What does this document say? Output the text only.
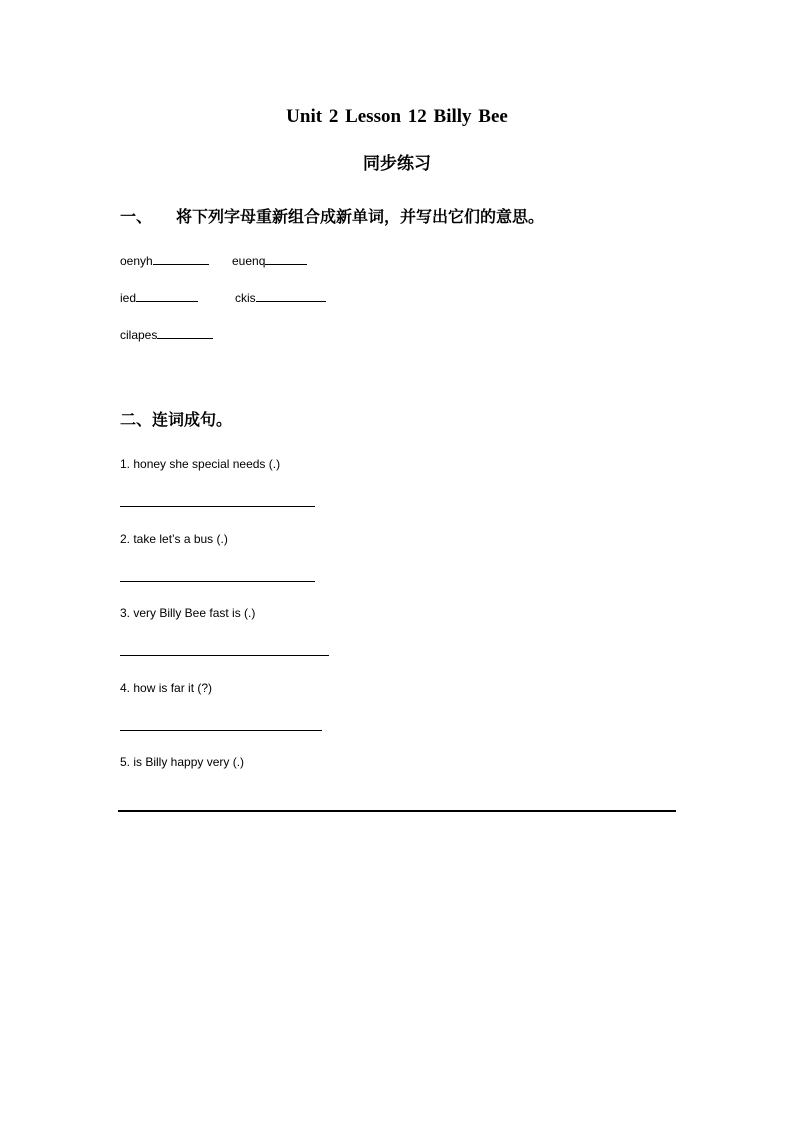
Unit 2 Lesson 12 Billy Bee
同步练习
一、 将下列字母重新组合成新单词，并写出它们的意思。
oenyh	euenq
ied	ckis
cilapes
二、连词成句。
1. honey she special needs (.)
2. take let’s a bus (.)
3. very Billy Bee fast is (.)
4. how is far it (?)
5. is Billy happy very (.)
